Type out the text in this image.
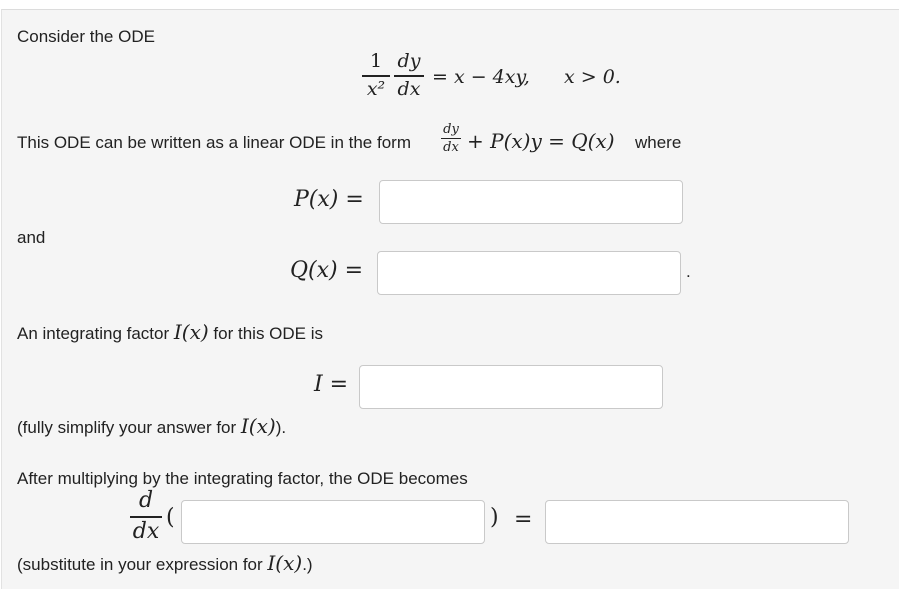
Consider the ODE
1
x²
dy
dx
= x − 4xy, x > 0.
This ODE can be written as a linear ODE in the form
dy
dx + P(x)y = Q(x) where
P(x) =
and
Q(x) =	.
An integrating factor I(x) for this ODE is
I =
(fully simplify your answer for I(x)).
After multiplying by the integrating factor, the ODE becomes
d
dx
(	) =
(substitute in your expression for I(x).)
